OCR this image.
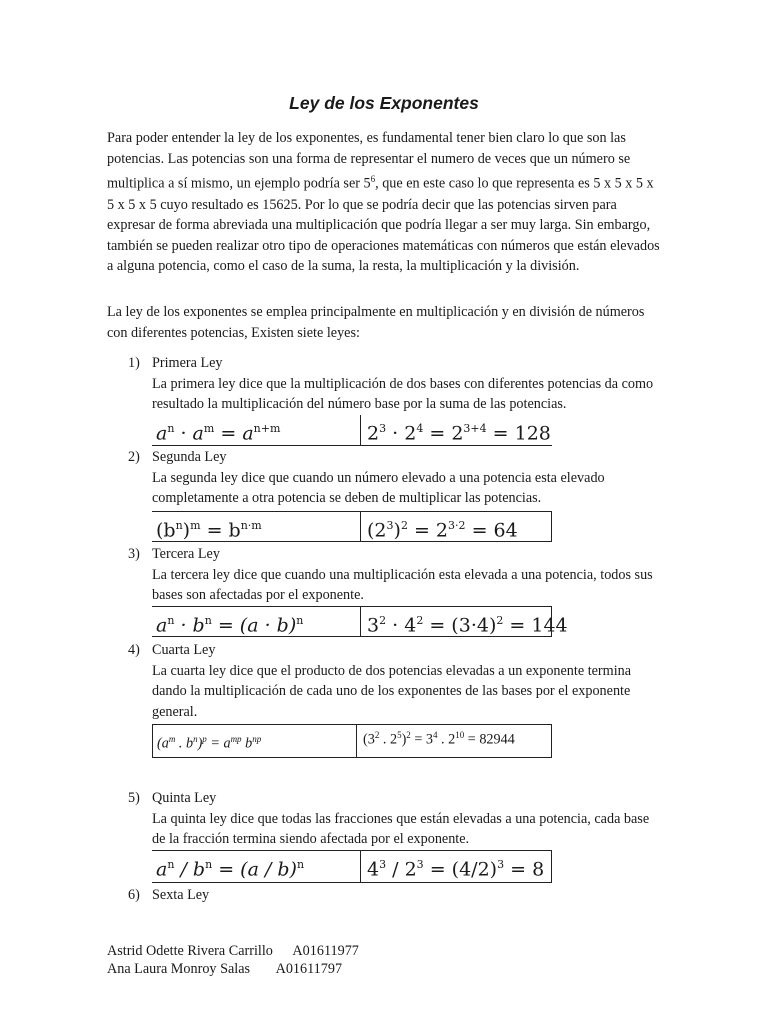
Ley de los Exponentes

Para poder entender la ley de los exponentes, es fundamental tener bien claro lo que son las potencias. Las potencias son una forma de representar el numero de veces que un número se multiplica a sí mismo, un ejemplo podría ser $5^6$, que en este caso lo que representa es 5 x 5 x 5 x 5 x 5 x 5 cuyo resultado es 15625. Por lo que se podría decir que las potencias sirven para expresar de forma abreviada una multiplicación que podría llegar a ser muy larga. Sin embargo, también se pueden realizar otro tipo de operaciones matemáticas con números que están elevados a alguna potencia, como el caso de la suma, la resta, la multiplicación y la división.

La ley de los exponentes se emplea principalmente en multiplicación y en división de números con diferentes potencias, Existen siete leyes:

1) Primera Ley
La primera ley dice que la multiplicación de dos bases con diferentes potencias da como resultado la multiplicación del número base por la suma de las potencias.
$a^n \cdot a^m = a^{n+m}$	$2^3 \cdot 2^4 = 2^{3+4} = 128$
2) Segunda Ley
La segunda ley dice que cuando un número elevado a una potencia esta elevado completamente a otra potencia se deben de multiplicar las potencias.
$(b^n)^m = b^{n\cdot m}$	$(2^3)^2 = 2^{3\cdot 2} = 64$
3) Tercera Ley
La tercera ley dice que cuando una multiplicación esta elevada a una potencia, todos sus bases son afectadas por el exponente.
$a^n \cdot b^n = (a \cdot b)^n$	$3^2 \cdot 4^2 = (3\cdot 4)^2 = 144$
4) Cuarta Ley
La cuarta ley dice que el producto de dos potencias elevadas a un exponente termina dando la multiplicación de cada uno de los exponentes de las bases por el exponente general.
($a^m$ . $b^n)^p = a^{mp}$ $b^{np}$	($3^2$ . $2^5)^2 = 3^4$ . $2^{10} = 82944$
5) Quinta Ley
La quinta ley dice que todas las fracciones que están elevadas a una potencia, cada base de la fracción termina siendo afectada por el exponente.
$a^n / b^n = (a / b)^n$	$4^3 / 2^3 = (4/2)^3 = 8$
6) Sexta Ley
Astrid Odette Rivera Carrillo A01611977
Ana Laura Monroy Salas A01611797
